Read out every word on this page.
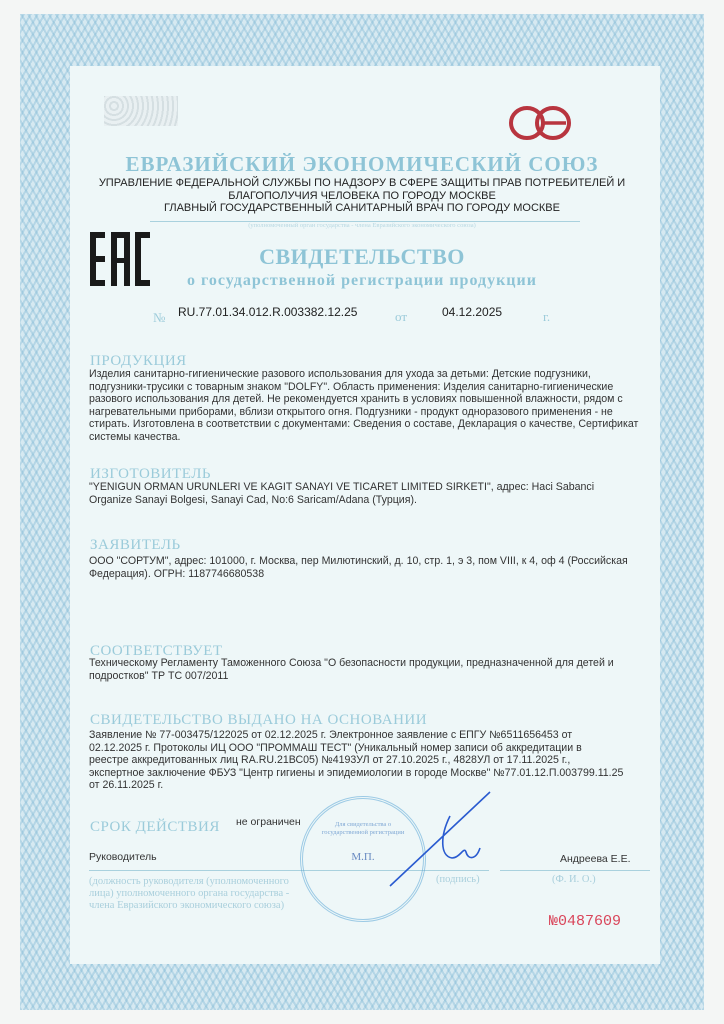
ЕВРАЗИЙСКИЙ ЭКОНОМИЧЕСКИЙ СОЮЗ
УПРАВЛЕНИЕ ФЕДЕРАЛЬНОЙ СЛУЖБЫ ПО НАДЗОРУ В СФЕРЕ ЗАЩИТЫ ПРАВ ПОТРЕБИТЕЛЕЙ И
БЛАГОПОЛУЧИЯ ЧЕЛОВЕКА ПО ГОРОДУ МОСКВЕ
ГЛАВНЫЙ ГОСУДАРСТВЕННЫЙ САНИТАРНЫЙ ВРАЧ ПО ГОРОДУ МОСКВЕ
(уполномоченный орган государства - члена Евразийского экономического союза)
СВИДЕТЕЛЬСТВО
о государственной регистрации продукции
№ RU.77.01.34.012.R.003382.12.25	от	04.12.2025	г.
ПРОДУКЦИЯ
Изделия санитарно-гигиенические разового использования для ухода за детьми: Детские подгузники, подгузники-трусики с товарным знаком "DOLFY". Область применения: Изделия санитарно-гигиенические разового использования для детей. Не рекомендуется хранить в условиях повышенной влажности, рядом с нагревательными приборами, вблизи открытого огня. Подгузники - продукт одноразового применения - не стирать. Изготовлена в соответствии с документами: Сведения о составе, Декларация о качестве, Сертификат системы качества.
ИЗГОТОВИТЕЛЬ
"YENIGUN ORMAN URUNLERI VE KAGIT SANAYI VE TICARET LIMITED SIRKETI", адрес: Haci Sabanci Organize Sanayi Bolgesi, Sanayi Cad, No:6 Saricam/Adana (Турция).
ЗАЯВИТЕЛЬ
ООО "СОРТУМ", адрес: 101000, г. Москва, пер Милютинский, д. 10, стр. 1, э 3, пом VIII, к 4, оф 4 (Российская Федерация). ОГРН: 1187746680538
СООТВЕТСТВУЕТ
Техническому Регламенту Таможенного Союза "О безопасности продукции, предназначенной для детей и подростков" ТР ТС 007/2011
СВИДЕТЕЛЬСТВО ВЫДАНО НА ОСНОВАНИИ
Заявление № 77-003475/122025 от 02.12.2025 г. Электронное заявление с ЕПГУ №6511656453 от 02.12.2025 г. Протоколы ИЦ ООО "ПРОММАШ ТЕСТ" (Уникальный номер записи об аккредитации в реестре аккредитованных лиц RA.RU.21ВС05) №4193УЛ от 27.10.2025 г., 4828УЛ от 17.11.2025 г., экспертное заключение ФБУЗ "Центр гигиены и эпидемиологии в городе Москве" №77.01.12.П.003799.11.25 от 26.11.2025 г.
СРОК ДЕЙСТВИЯ не ограничен
Руководитель	Андреева Е.Е.
(должность руководителя (уполномоченного лица) уполномоченного органа государства - члена Евразийского экономического союза)
(подпись)	(Ф. И. О.)
Для свидетельства о государственной регистрации
М.П.
№0487609
